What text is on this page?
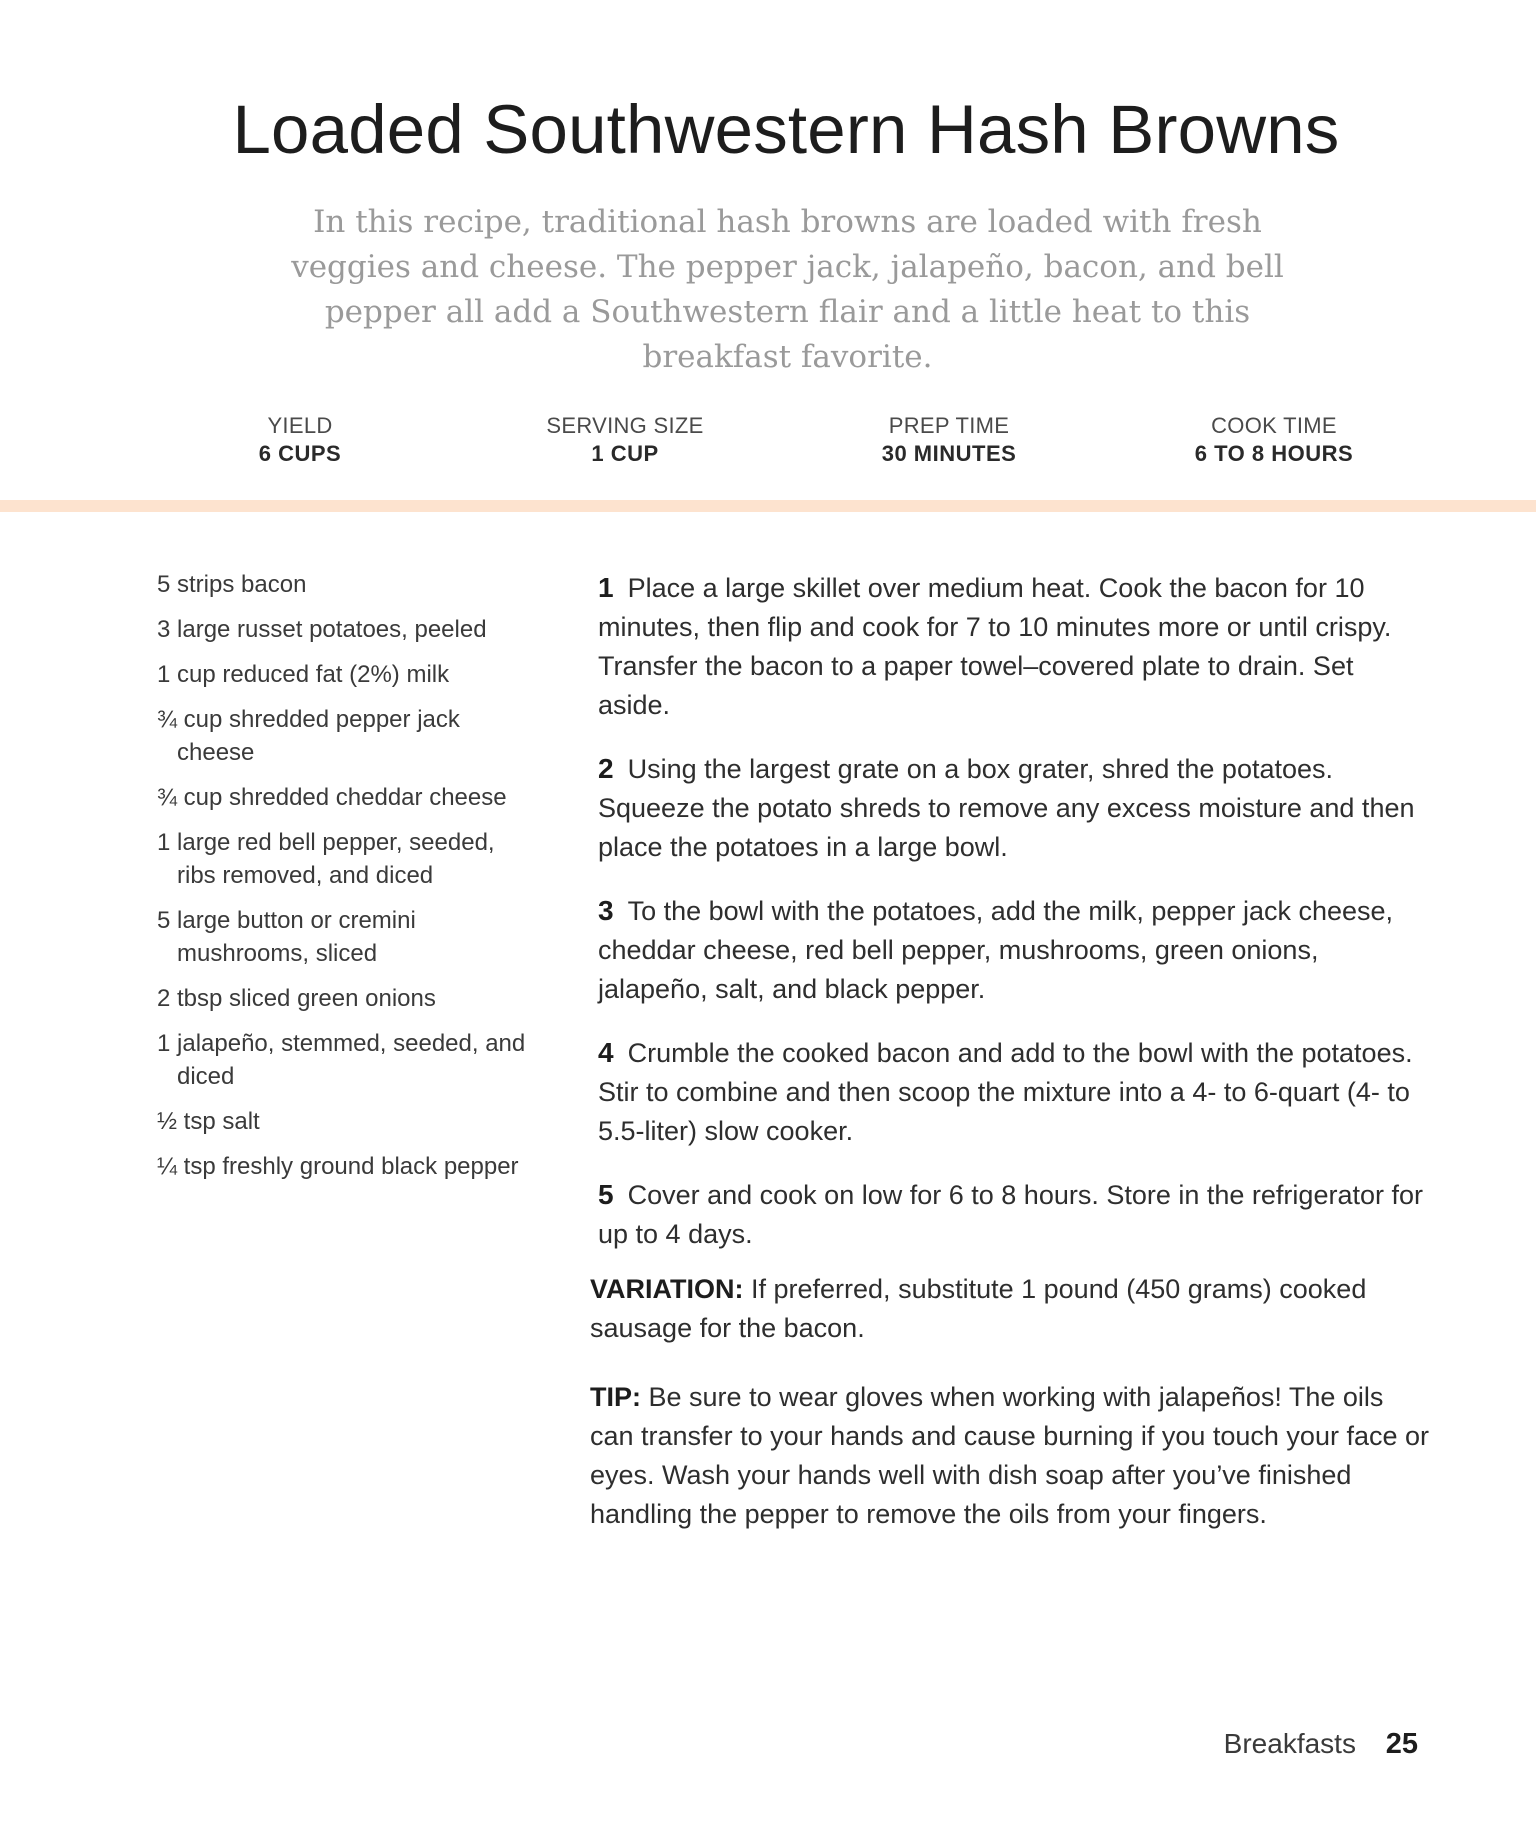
Loaded Southwestern Hash Browns

In this recipe, traditional hash browns are loaded with fresh veggies and cheese. The pepper jack, jalapeño, bacon, and bell pepper all add a Southwestern flair and a little heat to this breakfast favorite.

YIELD
6 CUPS
SERVING SIZE
1 CUP
PREP TIME
30 MINUTES
COOK TIME
6 TO 8 HOURS
5 strips bacon
3 large russet potatoes, peeled
1 cup reduced fat (2%) milk
¾ cup shredded pepper jack cheese
¾ cup shredded cheddar cheese
1 large red bell pepper, seeded, ribs removed, and diced
5 large button or cremini mushrooms, sliced
2 tbsp sliced green onions
1 jalapeño, stemmed, seeded, and diced
½ tsp salt
¼ tsp freshly ground black pepper

1 Place a large skillet over medium heat. Cook the bacon for 10 minutes, then flip and cook for 7 to 10 minutes more or until crispy. Transfer the bacon to a paper towel–covered plate to drain. Set aside.

2 Using the largest grate on a box grater, shred the potatoes. Squeeze the potato shreds to remove any excess moisture and then place the potatoes in a large bowl.

3 To the bowl with the potatoes, add the milk, pepper jack cheese, cheddar cheese, red bell pepper, mushrooms, green onions, jalapeño, salt, and black pepper.

4 Crumble the cooked bacon and add to the bowl with the potatoes. Stir to combine and then scoop the mixture into a 4- to 6-quart (4- to 5.5-liter) slow cooker.

5 Cover and cook on low for 6 to 8 hours. Store in the refrigerator for up to 4 days.

VARIATION: If preferred, substitute 1 pound (450 grams) cooked sausage for the bacon.

TIP: Be sure to wear gloves when working with jalapeños! The oils can transfer to your hands and cause burning if you touch your face or eyes. Wash your hands well with dish soap after you’ve finished handling the pepper to remove the oils from your fingers.

Breakfasts 25
